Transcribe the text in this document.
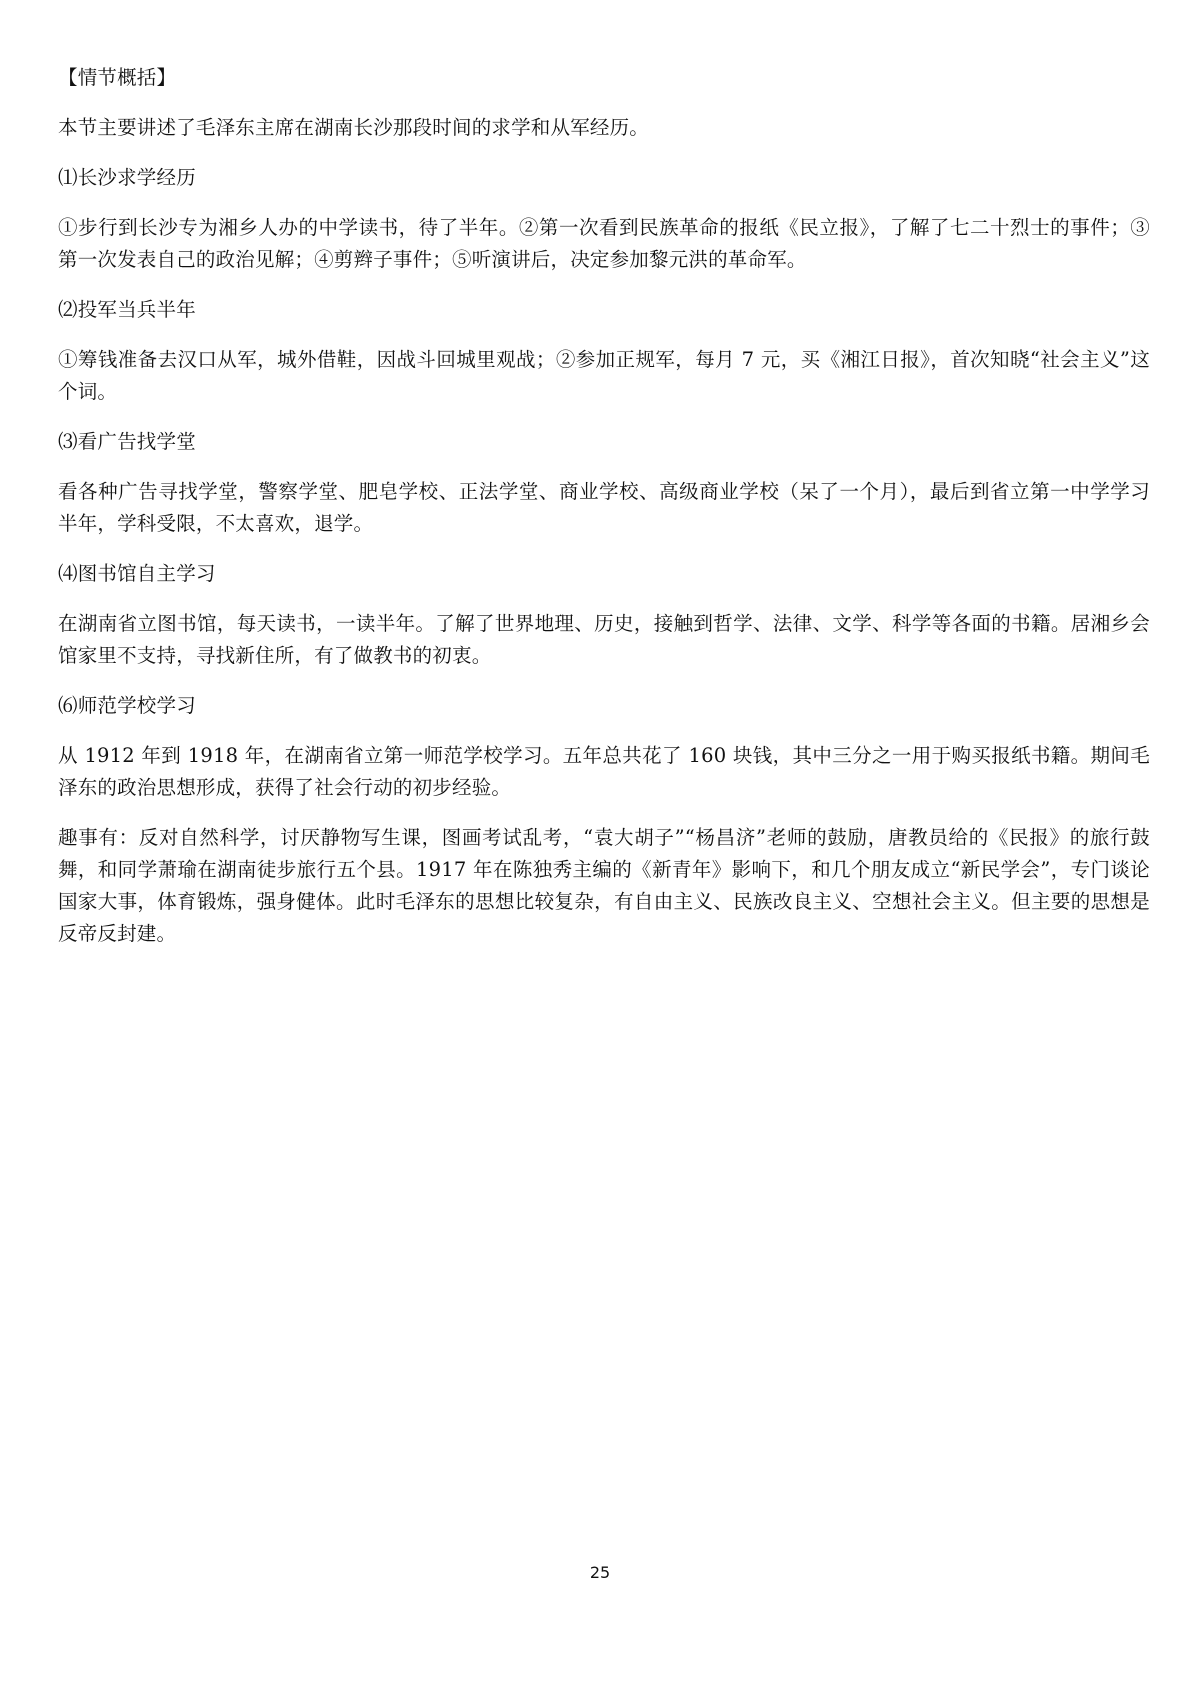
【情节概括】

本节主要讲述了毛泽东主席在湖南长沙那段时间的求学和从军经历。

⑴长沙求学经历

①步行到长沙专为湘乡人办的中学读书，待了半年。②第一次看到民族革命的报纸《民立报》，了解了七二十烈士的事件；③第一次发表自己的政治见解；④剪辫子事件；⑤听演讲后，决定参加黎元洪的革命军。

⑵投军当兵半年

①筹钱准备去汉口从军，城外借鞋，因战斗回城里观战；②参加正规军，每月 7 元，买《湘江日报》，首次知晓“社会主义”这个词。

⑶看广告找学堂

看各种广告寻找学堂，警察学堂、肥皂学校、正法学堂、商业学校、高级商业学校（呆了一个月），最后到省立第一中学学习半年，学科受限，不太喜欢，退学。

⑷图书馆自主学习

在湖南省立图书馆，每天读书，一读半年。了解了世界地理、历史，接触到哲学、法律、文学、科学等各面的书籍。居湘乡会馆家里不支持，寻找新住所，有了做教书的初衷。

⑹师范学校学习

从 1912 年到 1918 年，在湖南省立第一师范学校学习。五年总共花了 160 块钱，其中三分之一用于购买报纸书籍。期间毛泽东的政治思想形成，获得了社会行动的初步经验。

趣事有：反对自然科学，讨厌静物写生课，图画考试乱考，“袁大胡子”“杨昌济”老师的鼓励，唐教员给的《民报》的旅行鼓舞，和同学萧瑜在湖南徒步旅行五个县。1917 年在陈独秀主编的《新青年》影响下，和几个朋友成立“新民学会”，专门谈论国家大事，体育锻炼，强身健体。此时毛泽东的思想比较复杂，有自由主义、民族改良主义、空想社会主义。但主要的思想是反帝反封建。

25
